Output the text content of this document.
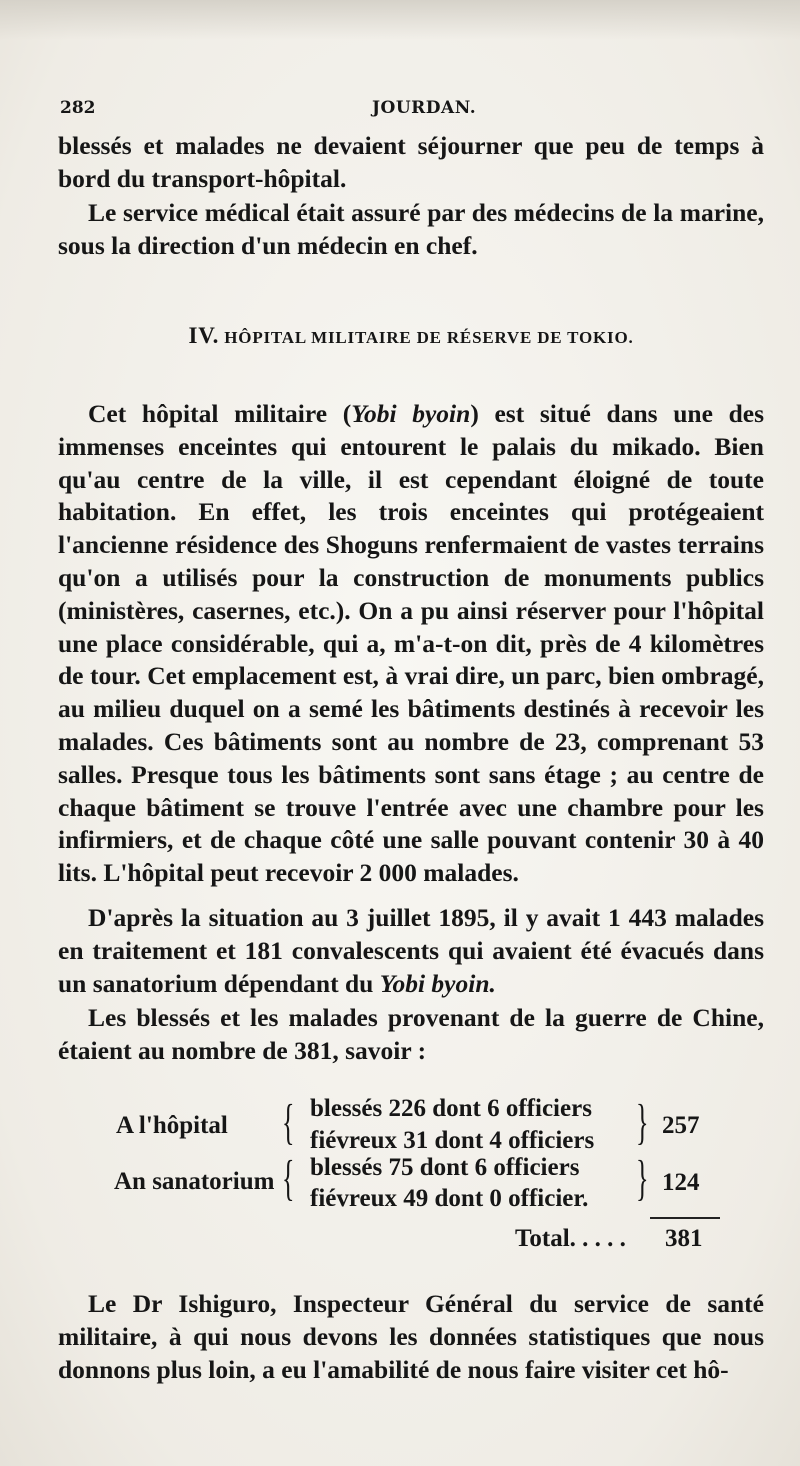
282	JOURDAN.

blessés et malades ne devaient séjourner que peu de temps à bord du transport-hôpital.

Le service médical était assuré par des médecins de la marine, sous la direction d'un médecin en chef.

IV. HÔPITAL MILITAIRE DE RÉSERVE DE TOKIO.

Cet hôpital militaire (Yobi byoin) est situé dans une des immenses enceintes qui entourent le palais du mikado. Bien qu'au centre de la ville, il est cependant éloigné de toute habitation. En effet, les trois enceintes qui protégeaient l'ancienne résidence des Shoguns renfermaient de vastes terrains qu'on a utilisés pour la construction de monuments publics (ministères, casernes, etc.). On a pu ainsi réserver pour l'hôpital une place considérable, qui a, m'a-t-on dit, près de 4 kilomètres de tour. Cet emplacement est, à vrai dire, un parc, bien ombragé, au milieu duquel on a semé les bâtiments destinés à recevoir les malades. Ces bâtiments sont au nombre de 23, comprenant 53 salles. Presque tous les bâtiments sont sans étage ; au centre de chaque bâtiment se trouve l'entrée avec une chambre pour les infirmiers, et de chaque côté une salle pouvant contenir 30 à 40 lits. L'hôpital peut recevoir 2 000 malades.

D'après la situation au 3 juillet 1895, il y avait 1 443 malades en traitement et 181 convalescents qui avaient été évacués dans un sanatorium dépendant du Yobi byoin.

Les blessés et les malades provenant de la guerre de Chine, étaient au nombre de 381, savoir :

A l'hôpital { blessés 226 dont 6 officiers
fiévreux 31 dont 4 officiers } 257
An sanatorium { blessés 75 dont 6 officiers
fiévreux 49 dont 0 officier. } 124
Total. . . . . 381

Le Dr Ishiguro, Inspecteur Général du service de santé militaire, à qui nous devons les données statistiques que nous donnons plus loin, a eu l'amabilité de nous faire visiter cet hô-
